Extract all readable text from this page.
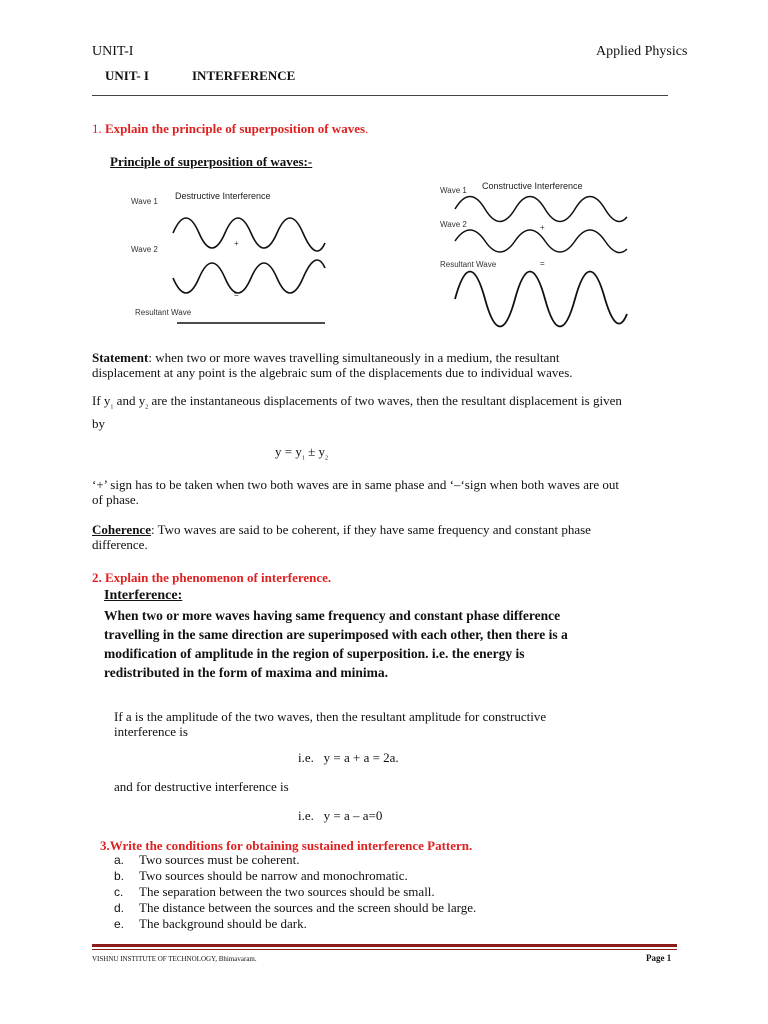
UNIT-I	Applied Physics
UNIT- I	INTERFERENCE
1. Explain the principle of superposition of waves.
Principle of superposition of waves:-
Destructive Interference
Wave 1
+
Wave 2
=
Resultant Wave
Constructive Interference
Wave 1
Wave 2	+
Resultant Wave	=
Statement: when two or more waves travelling simultaneously in a medium, the resultant
displacement at any point is the algebraic sum of the displacements due to individual waves.
If $y_1$ and $y_2$ are the instantaneous displacements of two waves, then the resultant displacement is given
by
$y = y_1 \pm y_2$
‘+’ sign has to be taken when two both waves are in same phase and ‘–‘sign when both waves are out
of phase.
Coherence: Two waves are said to be coherent, if they have same frequency and constant phase
difference.
2. Explain the phenomenon of interference.
Interference:
When two or more waves having same frequency and constant phase difference
travelling in the same direction are superimposed with each other, then there is a
modification of amplitude in the region of superposition. i.e. the energy is
redistributed in the form of maxima and minima.
If a is the amplitude of the two waves, then the resultant amplitude for constructive
interference is
i.e.   y = a + a = 2a.
and for destructive interference is
i.e.   y = a – a=0
3.Write the conditions for obtaining sustained interference Pattern.
a. Two sources must be coherent.
b. Two sources should be narrow and monochromatic.
c. The separation between the two sources should be small.
d. The distance between the sources and the screen should be large.
e. The background should be dark.
VISHNU INSTITUTE OF TECHNOLOGY, Bhimavaram.	Page 1
